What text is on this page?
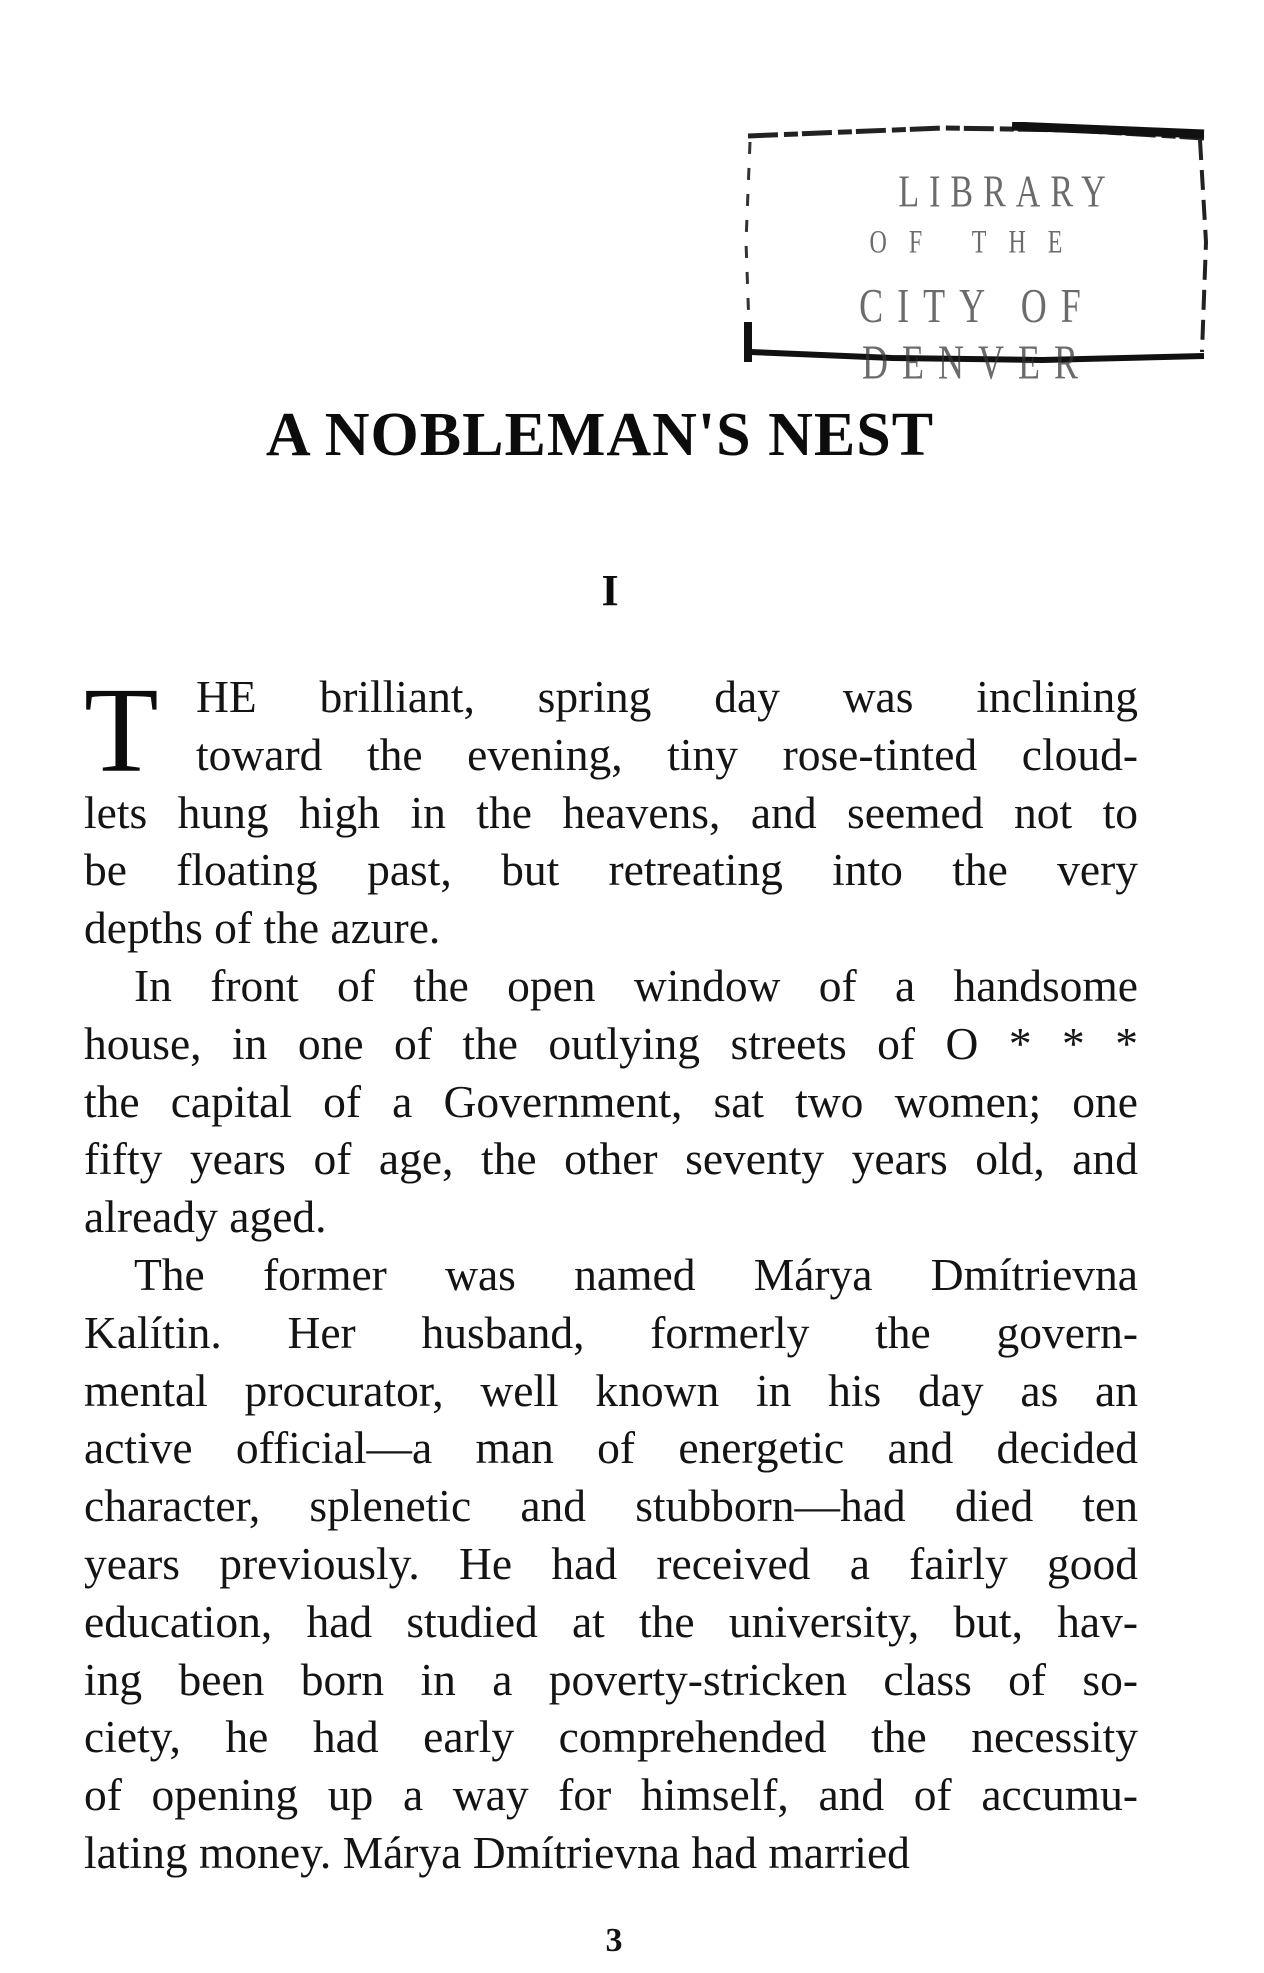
LIBRARY
OF THE
CITY OF DENVER
A NOBLEMAN'S NEST
I
T HE brilliant, spring day was inclining
toward the evening, tiny rose-tinted cloud-
lets hung high in the heavens, and seemed not to
be floating past, but retreating into the very
depths of the azure.
In front of the open window of a handsome
house, in one of the outlying streets of O * * *
the capital of a Government, sat two women; one
fifty years of age, the other seventy years old, and
already aged.
The former was named Márya Dmítrievna
Kalítin. Her husband, formerly the govern-
mental procurator, well known in his day as an
active official—a man of energetic and decided
character, splenetic and stubborn—had died ten
years previously. He had received a fairly good
education, had studied at the university, but, hav-
ing been born in a poverty-stricken class of so-
ciety, he had early comprehended the necessity
of opening up a way for himself, and of accumu-
lating money. Márya Dmítrievna had married
3
